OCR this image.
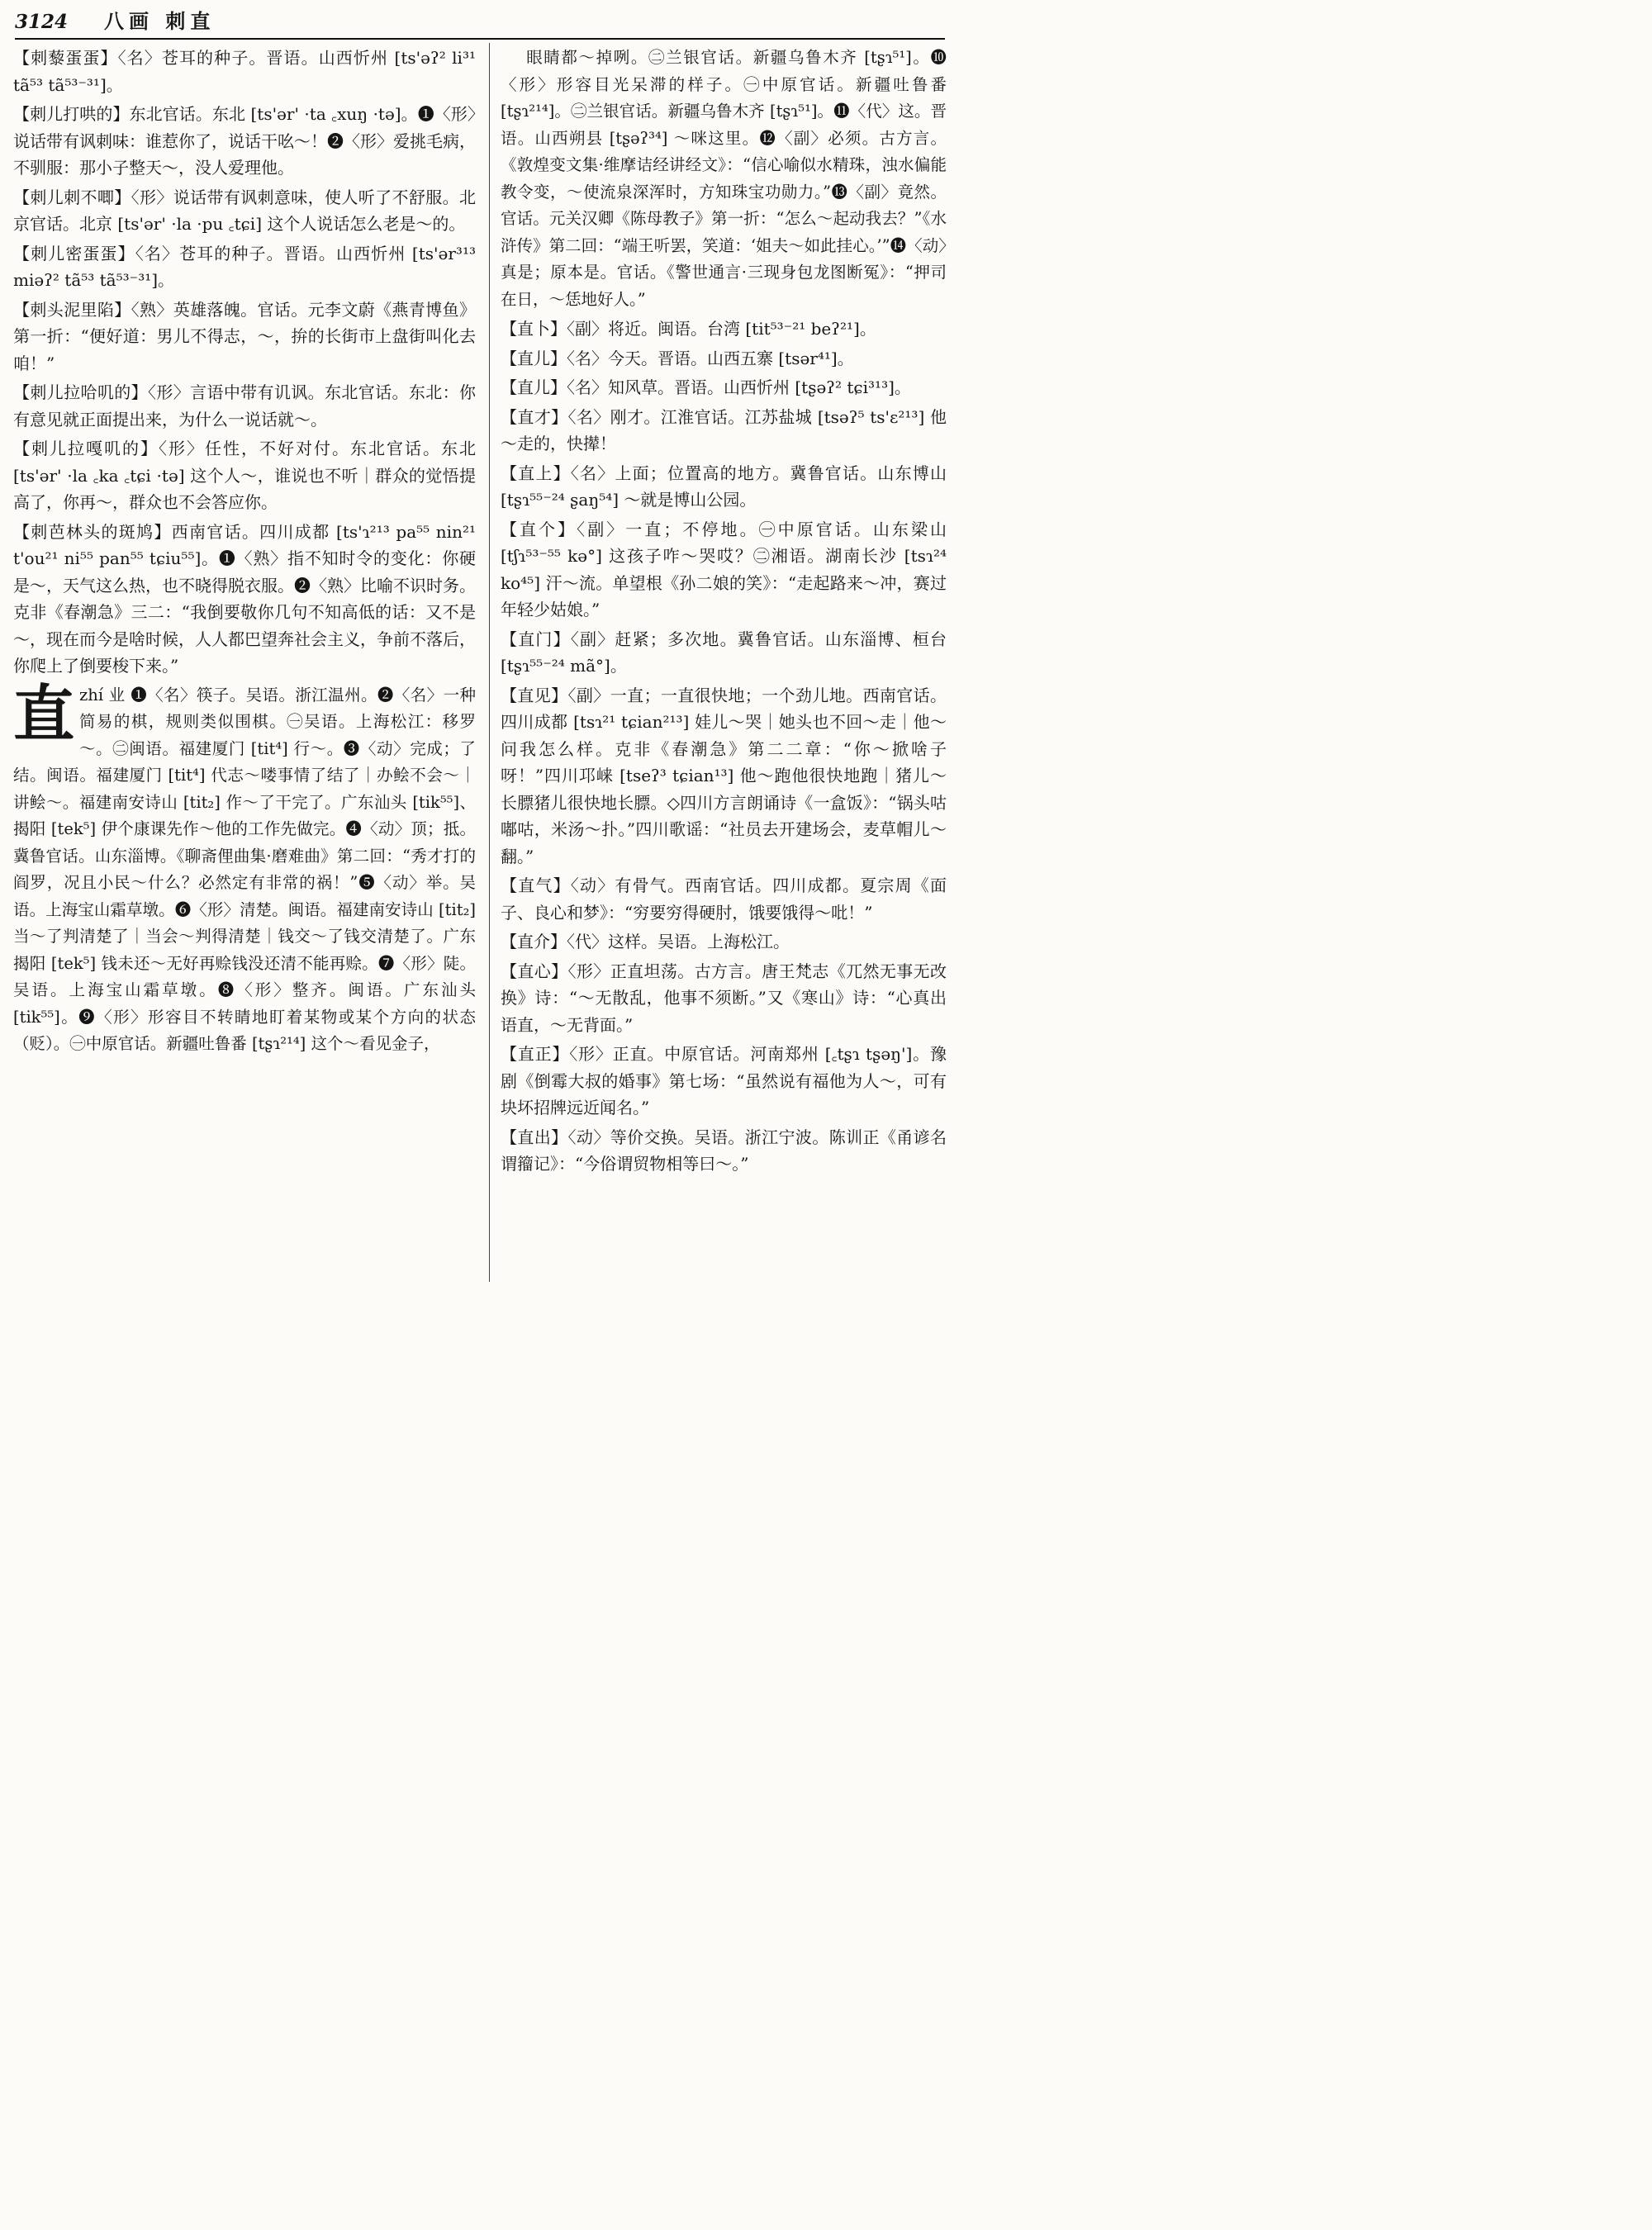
3124 八画 刺直

【刺藜蛋蛋】〈名〉苍耳的种子。晋语。山西忻州 [ts'əʔ² li³¹ tã⁵³ tã⁵³⁻³¹]。

【刺儿打哄的】东北官话。东北 [ts'ər' ·ta ꜀xuŋ ·tə]。❶〈形〉说话带有讽刺味：谁惹你了，说话干吆～！❷〈形〉爱挑毛病，不驯服：那小子整天～，没人爱理他。

【刺儿刺不唧】〈形〉说话带有讽刺意味，使人听了不舒服。北京官话。北京 [ts'ər' ·la ·pu ꜀tɕi] 这个人说话怎么老是～的。

【刺儿密蛋蛋】〈名〉苍耳的种子。晋语。山西忻州 [ts'ər³¹³ miəʔ² tã⁵³ tã⁵³⁻³¹]。

【刺头泥里陷】〈熟〉英雄落魄。官话。元李文蔚《燕青博鱼》第一折：“便好道：男儿不得志，～，拚的长街市上盘街叫化去咱！”

【刺儿拉哈叽的】〈形〉言语中带有讥讽。东北官话。东北：你有意见就正面提出来，为什么一说话就～。

【刺儿拉嘎叽的】〈形〉任性，不好对付。东北官话。东北 [ts'ər' ·la ꜀ka ꜀tɕi ·tə] 这个人～，谁说也不听｜群众的觉悟提高了，你再～，群众也不会答应你。

【刺芭林头的斑鸠】西南官话。四川成都 [ts'ɿ²¹³ pa⁵⁵ nin²¹ t'ou²¹ ni⁵⁵ pan⁵⁵ tɕiu⁵⁵]。❶〈熟〉指不知时令的变化：你硬是～，天气这么热，也不晓得脱衣服。❷〈熟〉比喻不识时务。克非《春潮急》三二：“我倒要敬你几句不知高低的话：又不是～，现在而今是啥时候，人人都巴望奔社会主义，争前不落后，你爬上了倒要梭下来。”

直zhí 业 ❶〈名〉筷子。吴语。浙江温州。❷〈名〉一种简易的棋，规则类似围棋。㊀吴语。上海松江：移罗～。㊁闽语。福建厦门 [tit⁴] 行～。❸〈动〉完成；了结。闽语。福建厦门 [tit⁴] 代志～喽事情了结了｜办鲙不会～｜讲鲙～。福建南安诗山 [tit₂] 作～了干完了。广东汕头 [tik⁵⁵]、揭阳 [tek⁵] 伊个康课先作～他的工作先做完。❹〈动〉顶；抵。冀鲁官话。山东淄博。《聊斋俚曲集·磨难曲》第二回：“秀才打的阎罗，况且小民～什么？必然定有非常的祸！”❺〈动〉举。吴语。上海宝山霜草墩。❻〈形〉清楚。闽语。福建南安诗山 [tit₂] 当～了判清楚了｜当会～判得清楚｜钱交～了钱交清楚了。广东揭阳 [tek⁵] 钱未还～无好再赊钱没还清不能再赊。❼〈形〉陡。吴语。上海宝山霜草墩。❽〈形〉整齐。闽语。广东汕头 [tik⁵⁵]。❾〈形〉形容目不转睛地盯着某物或某个方向的状态（贬）。㊀中原官话。新疆吐鲁番 [tʂɿ²¹⁴] 这个～看见金子，

眼睛都～掉咧。㊁兰银官话。新疆乌鲁木齐 [tʂɿ⁵¹]。❿〈形〉形容目光呆滞的样子。㊀中原官话。新疆吐鲁番 [tʂɿ²¹⁴]。㊁兰银官话。新疆乌鲁木齐 [tʂɿ⁵¹]。⓫〈代〉这。晋语。山西朔县 [tʂəʔ³⁴] ～咪这里。⓬〈副〉必须。古方言。《敦煌变文集·维摩诘经讲经文》：“信心喻似水精珠，浊水偏能教令变，～使流泉深浑时，方知珠宝功勋力。”⓭〈副〉竟然。官话。元关汉卿《陈母教子》第一折：“怎么～起动我去？”《水浒传》第二回：“端王听罢，笑道：‘姐夫～如此挂心。’”⓮〈动〉真是；原本是。官话。《警世通言·三现身包龙图断冤》：“押司在日，～恁地好人。”

【直卜】〈副〉将近。闽语。台湾 [tit⁵³⁻²¹ beʔ²¹]。

【直儿】〈名〉今天。晋语。山西五寨 [tsər⁴¹]。

【直儿】〈名〉知风草。晋语。山西忻州 [tʂəʔ² tɕi³¹³]。

【直才】〈名〉刚才。江淮官话。江苏盐城 [tsəʔ⁵ ts'ɛ²¹³] 他～走的，快撵！

【直上】〈名〉上面；位置高的地方。冀鲁官话。山东博山 [tʂɿ⁵⁵⁻²⁴ ʂaŋ⁵⁴] ～就是博山公园。

【直个】〈副〉一直；不停地。㊀中原官话。山东梁山 [tʃɿ⁵³⁻⁵⁵ kə°] 这孩子咋～哭哎？㊁湘语。湖南长沙 [tsɿ²⁴ ko⁴⁵] 汗～流。单望根《孙二娘的笑》：“走起路来～冲，赛过年轻少姑娘。”

【直门】〈副〉赶紧；多次地。冀鲁官话。山东淄博、桓台 [tʂɿ⁵⁵⁻²⁴ mã°]。

【直见】〈副〉一直；一直很快地；一个劲儿地。西南官话。四川成都 [tsɿ²¹ tɕian²¹³] 娃儿～哭｜她头也不回～走｜他～问我怎么样。克非《春潮急》第二二章：“你～掀啥子呀！”四川邛崃 [tseʔ³ tɕian¹³] 他～跑他很快地跑｜猪儿～长膘猪儿很快地长膘。◇四川方言朗诵诗《一盒饭》：“锅头咕嘟咕，米汤～扑。”四川歌谣：“社员去开建场会，麦草帽儿～翻。”

【直气】〈动〉有骨气。西南官话。四川成都。夏宗周《面子、良心和梦》：“穷要穷得硬肘，饿要饿得～吡！”

【直介】〈代〉这样。吴语。上海松江。

【直心】〈形〉正直坦荡。古方言。唐王梵志《兀然无事无改换》诗：“～无散乱，他事不须断。”又《寒山》诗：“心真出语直，～无背面。”

【直正】〈形〉正直。中原官话。河南郑州 [꜀tʂɿ tʂəŋ']。豫剧《倒霉大叔的婚事》第七场：“虽然说有福他为人～，可有块坏招牌远近闻名。”

【直出】〈动〉等价交换。吴语。浙江宁波。陈训正《甬谚名谓籀记》：“今俗谓贸物相等曰～。”
